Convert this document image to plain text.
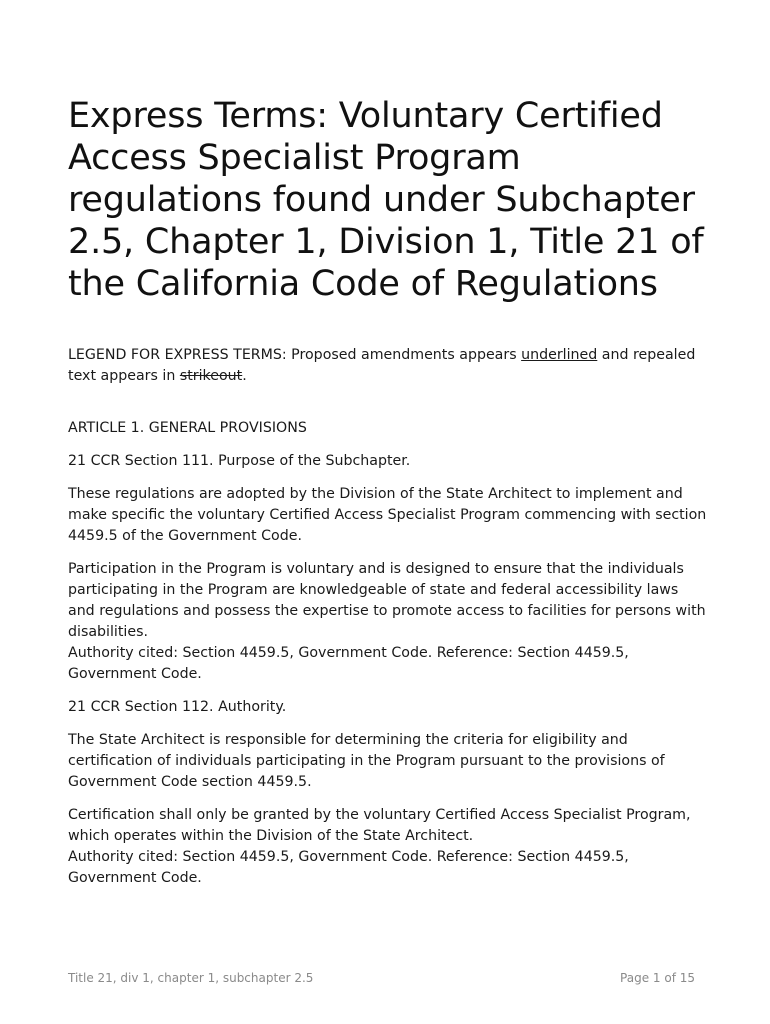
Express Terms: Voluntary Certified Access Specialist Program regulations found under Subchapter 2.5, Chapter 1, Division 1, Title 21 of the California Code of Regulations
LEGEND FOR EXPRESS TERMS: Proposed amendments appears underlined and repealed text appears in strikeout.
ARTICLE 1. GENERAL PROVISIONS

21 CCR Section 111. Purpose of the Subchapter.

These regulations are adopted by the Division of the State Architect to implement and make specific the voluntary Certified Access Specialist Program commencing with section 4459.5 of the Government Code.

Participation in the Program is voluntary and is designed to ensure that the individuals participating in the Program are knowledgeable of state and federal accessibility laws and regulations and possess the expertise to promote access to facilities for persons with disabilities.

Authority cited: Section 4459.5, Government Code. Reference: Section 4459.5, Government Code.

21 CCR Section 112. Authority.

The State Architect is responsible for determining the criteria for eligibility and certification of individuals participating in the Program pursuant to the provisions of Government Code section 4459.5.

Certification shall only be granted by the voluntary Certified Access Specialist Program, which operates within the Division of the State Architect.

Authority cited: Section 4459.5, Government Code. Reference: Section 4459.5, Government Code.

Title 21, div 1, chapter 1, subchapter 2.5	Page 1 of 15
